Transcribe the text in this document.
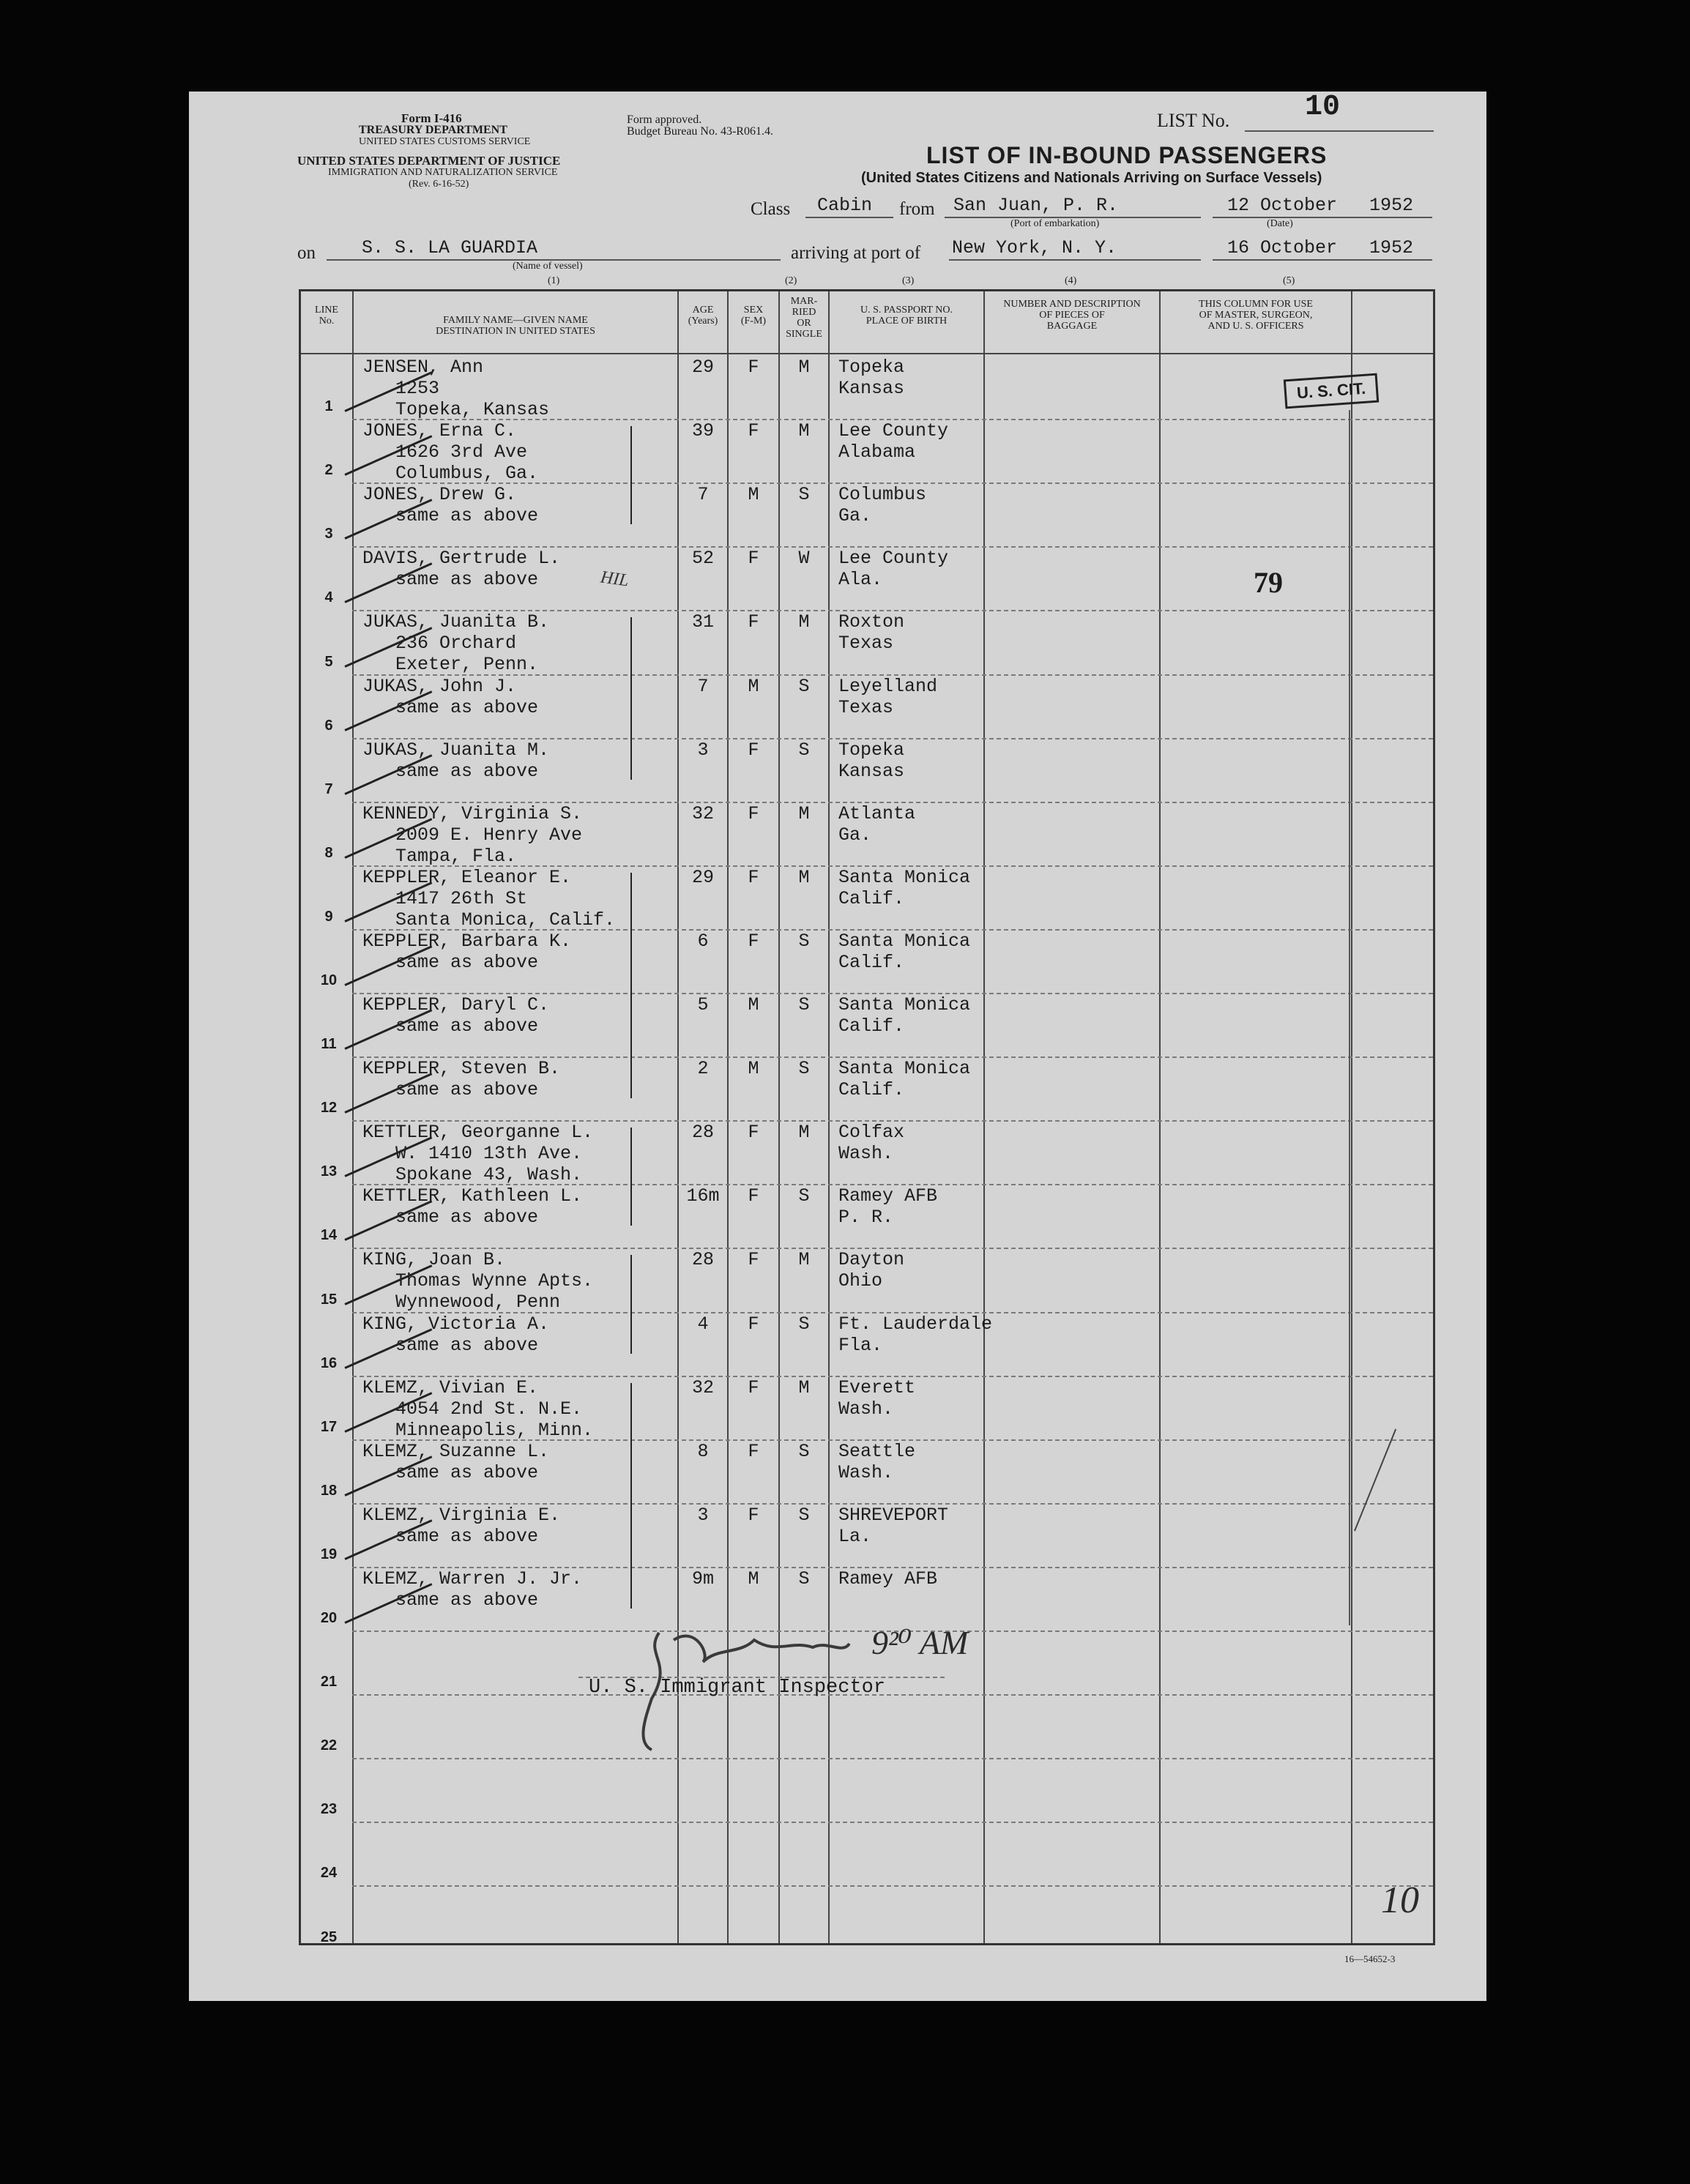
Form I-416
TREASURY DEPARTMENT
UNITED STATES CUSTOMS SERVICE
UNITED STATES DEPARTMENT OF JUSTICE
IMMIGRATION AND NATURALIZATION SERVICE
(Rev. 6-16-52)
Form approved.
Budget Bureau No. 43-R061.4.
LIST No.	10
LIST OF IN-BOUND PASSENGERS
(United States Citizens and Nationals Arriving on Surface Vessels)
Class Cabin from San Juan, P. R.
(Port of embarkation)
12 October 1952
(Date)
on	S. S. LA GUARDIA
(Name of vessel)
arriving at port of New York, N. Y.	16 October 1952
(1)	(2)	(3)	(4)	(5)
LINE
No.	FAMILY NAME—GIVEN NAME
DESTINATION IN UNITED STATES
AGE
(Years)
SEX
(F-M)
MAR-
RIED
OR
SINGLE
U. S. PASSPORT NO.
PLACE OF BIRTH
NUMBER AND DESCRIPTION
OF PIECES OF
BAGGAGE
THIS COLUMN FOR USE
OF MASTER, SURGEON,
AND U. S. OFFICERS
1
JENSEN, Ann
1253
Topeka, Kansas
29	F	M	Topeka
Kansas
2
JONES, Erna C.
1626 3rd Ave
Columbus, Ga.
39	F	M	Lee County
Alabama
3
JONES, Drew G.
same as above
7	M	S	Columbus
Ga.
4
DAVIS, Gertrude L.
same as above
52	F	W	Lee County
Ala.
5
JUKAS, Juanita B.
236 Orchard
Exeter, Penn.
31	F	M	Roxton
Texas
6
JUKAS, John J.
same as above
7	M	S	Leyelland
Texas
7
JUKAS, Juanita M.
same as above
3	F	S	Topeka
Kansas
8
KENNEDY, Virginia S.
2009 E. Henry Ave
Tampa, Fla.
32	F	M	Atlanta
Ga.
9
KEPPLER, Eleanor E.
1417 26th St
Santa Monica, Calif.
29	F	M	Santa Monica
Calif.
10
KEPPLER, Barbara K.
same as above
6	F	S	Santa Monica
Calif.
11
KEPPLER, Daryl C.
same as above
5	M	S	Santa Monica
Calif.
12
KEPPLER, Steven B.
same as above
2	M	S	Santa Monica
Calif.
13
KETTLER, Georganne L.
W. 1410 13th Ave.
Spokane 43, Wash.
28	F	M	Colfax
Wash.
14
KETTLER, Kathleen L.
same as above
16m	F	S	Ramey AFB
P. R.
15
KING, Joan B.
Thomas Wynne Apts.
Wynnewood, Penn
28	F	M	Dayton
Ohio
16
KING, Victoria A.
same as above
4	F	S	Ft. Lauderdale
Fla.
17
KLEMZ, Vivian E.
4054 2nd St. N.E.
Minneapolis, Minn.
32	F	M	Everett
Wash.
18
KLEMZ, Suzanne L.
same as above
8	F	S	Seattle
Wash.
19
KLEMZ, Virginia E.
same as above
3	F	S	SHREVEPORT
La.
20
KLEMZ, Warren J. Jr.
same as above
9m	M	S	Ramey AFB
21
22
23
24
25
U. S. CIT.
79
HIL
U. S. Immigrant Inspector
9²⁰ AM
10
16—54652-3
